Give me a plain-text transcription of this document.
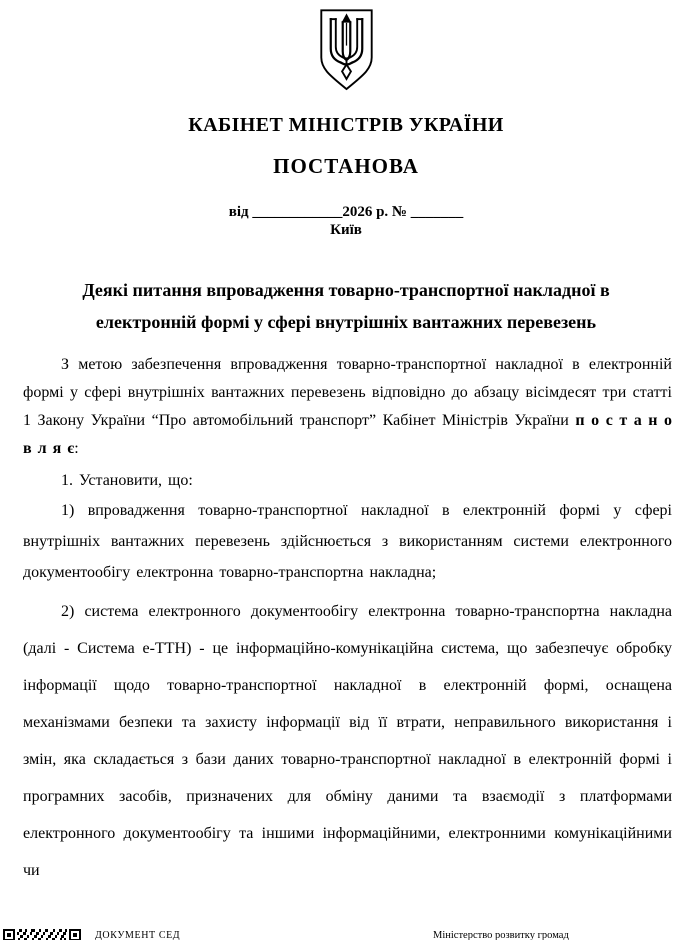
КАБІНЕТ МІНІСТРІВ УКРАЇНИ
ПОСТАНОВА
від ____________2026 р. № _______
Київ
Деякі питання впровадження товарно-транспортної накладної в електронній формі у сфері внутрішніх вантажних перевезень

З метою забезпечення впровадження товарно-транспортної накладної в електронній формі у сфері внутрішніх вантажних перевезень відповідно до абзацу вісімдесят три статті 1 Закону України “Про автомобільний транспорт” Кабінет Міністрів України п о с т а н о в л я є:

1. Установити, що:

1) впровадження товарно-транспортної накладної в електронній формі у сфері внутрішніх вантажних перевезень здійснюється з використанням системи електронного документообігу електронна товарно-транспортна накладна;

2) система електронного документообігу електронна товарно-транспортна накладна (далі - Система е-ТТН) - це інформаційно-комунікаційна система, що забезпечує обробку інформації щодо товарно-транспортної накладної в електронній формі, оснащена механізмами безпеки та захисту інформації від її втрати, неправильного використання і змін, яка складається з бази даних товарно-транспортної накладної в електронній формі і програмних засобів, призначених для обміну даними та взаємодії з платформами електронного документообігу та іншими інформаційними, електронними комунікаційними чи

ДОКУМЕНТ СЕД	Міністерство розвитку громад
